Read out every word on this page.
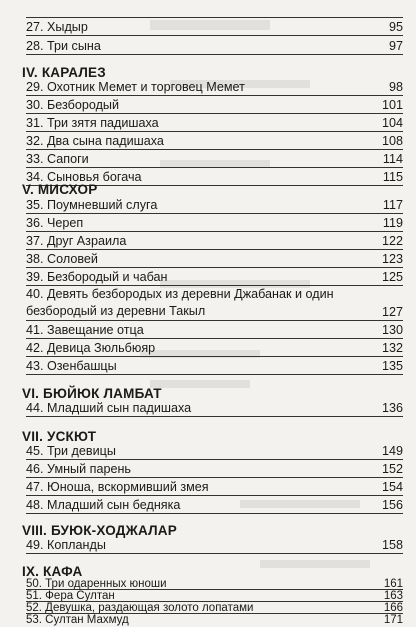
27. Хыдыр	95
28. Три сына	97
IV. КАРАЛЕЗ
29. Охотник Мемет и торговец Мемет	98
30. Безбородый	101
31. Три зятя падишаха	104
32. Два сына падишаха	108
33. Сапоги	114
34. Сыновья богача	115
V. МИСХОР
35. Поумневший слуга	117
36. Череп	119
37. Друг Азраила	122
38. Соловей	123
39. Безбородый и чабан	125
40. Девять безбородых из деревни Джабанак и один безбородый из деревни Такыл	127
41. Завещание отца	130
42. Девица Зюльбюяр	132
43. Озенбашцы	135
VI. БЮЙЮК ЛАМБАТ
44. Младший сын падишаха	136
VII. УСКЮТ
45. Три девицы	149
46. Умный парень	152
47. Юноша, вскормивший змея	154
48. Младший сын бедняка	156
VIII. БУЮК-ХОДЖАЛАР
49. Копланды	158
IX. КАФА
50. Три одаренных юноши	161
51. Фера Султан	163
52. Девушка, раздающая золото лопатами	166
53. Султан Махмуд	171
